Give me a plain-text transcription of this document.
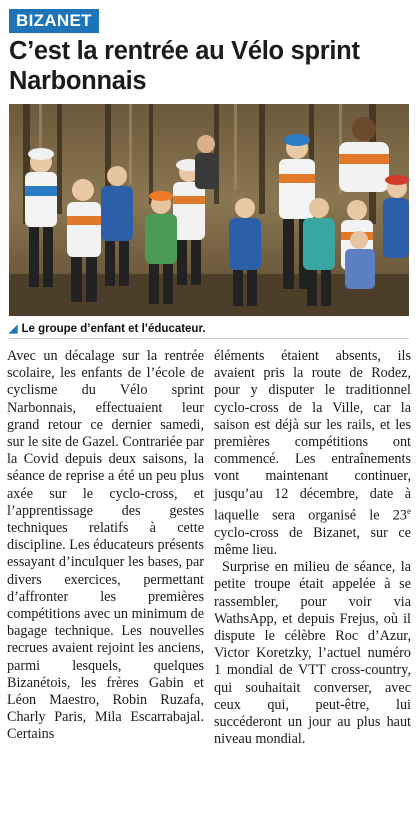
BIZANET
C’est la rentrée au Vélo sprint Narbonnais
◢ Le groupe d’enfant et l’éducateur.

Avec un décalage sur la rentrée scolaire, les enfants de l’école de cyclisme du Vélo sprint Narbonnais, effectuaient leur grand retour ce dernier samedi, sur le site de Gazel. Contrariée par la Covid depuis deux saisons, la séance de reprise a été un peu plus axée sur le cyclo-cross, et l’apprentissage des gestes techniques relatifs à cette discipline. Les éducateurs présents essayant d’inculquer les bases, par divers exercices, permettant d’affronter les premières compétitions avec un minimum de bagage technique. Les nouvelles recrues avaient rejoint les anciens, parmi lesquels, quelques Bizanétois, les frères Gabin et Léon Maestro, Robin Ruzafa, Charly Paris, Mila Escarrabajal. Certains

éléments étaient absents, ils avaient pris la route de Rodez, pour y disputer le traditionnel cyclo-cross de la Ville, car la saison est déjà sur les rails, et les premières compétitions ont commencé. Les entraînements vont maintenant continuer, jusqu’au 12 décembre, date à laquelle sera organisé le 23e cyclo-cross de Bizanet, sur ce même lieu.

Surprise en milieu de séance, la petite troupe était appelée à se rassembler, pour voir via WathsApp, et depuis Frejus, où il dispute le célèbre Roc d’Azur, Victor Koretzky, l’actuel numéro 1 mondial de VTT cross-country, qui souhaitait converser, avec ceux qui, peut-être, lui succéderont un jour au plus haut niveau mondial.
